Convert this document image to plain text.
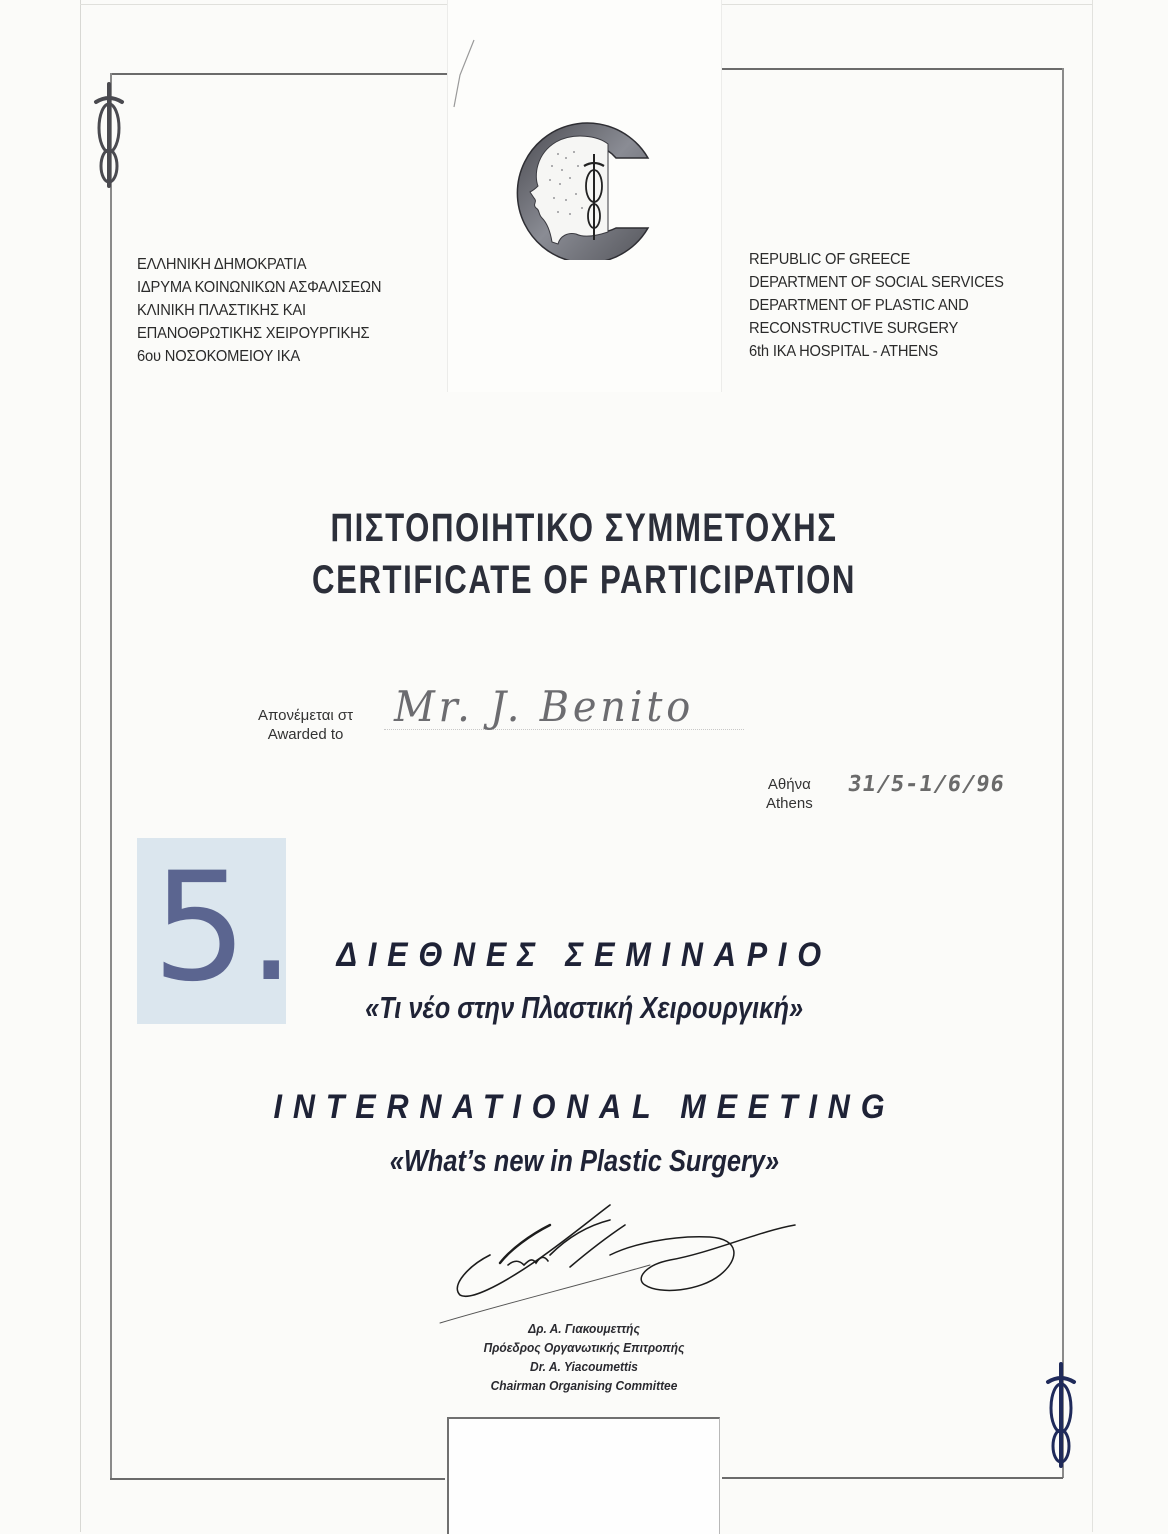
ΕΛΛΗΝΙΚΗ ΔΗΜΟΚΡΑΤΙΑ
ΙΔΡΥΜΑ ΚΟΙΝΩΝΙΚΩΝ ΑΣΦΑΛΙΣΕΩΝ
ΚΛΙΝΙΚΗ ΠΛΑΣΤΙΚΗΣ ΚΑΙ
ΕΠΑΝΟΘΡΩΤΙΚΗΣ ΧΕΙΡΟΥΡΓΙΚΗΣ
6ου ΝΟΣΟΚΟΜΕΙΟΥ ΙΚΑ
REPUBLIC OF GREECE
DEPARTMENT OF SOCIAL SERVICES
DEPARTMENT OF PLASTIC AND
RECONSTRUCTIVE SURGERY
6th IKA HOSPITAL - ATHENS
ΠΙΣΤΟΠΟΙΗΤΙΚΟ ΣΥΜΜΕΤΟΧΗΣ
CERTIFICATE OF PARTICIPATION
Απονέμεται στ
Awarded to
Mr. J. Benito
Αθήνα
Athens
31/5-1/6/96
5.	ΔΙΕΘΝΕΣ ΣΕΜΙΝΑΡΙΟ
«Τι νέο στην Πλαστική Χειρουργική»
INTERNATIONAL MEETING
«What’s new in Plastic Surgery»
Δρ. Α. Γιακουμεττής
Πρόεδρος Οργανωτικής Επιτροπής
Dr. A. Yiacoumettis
Chairman Organising Committee
